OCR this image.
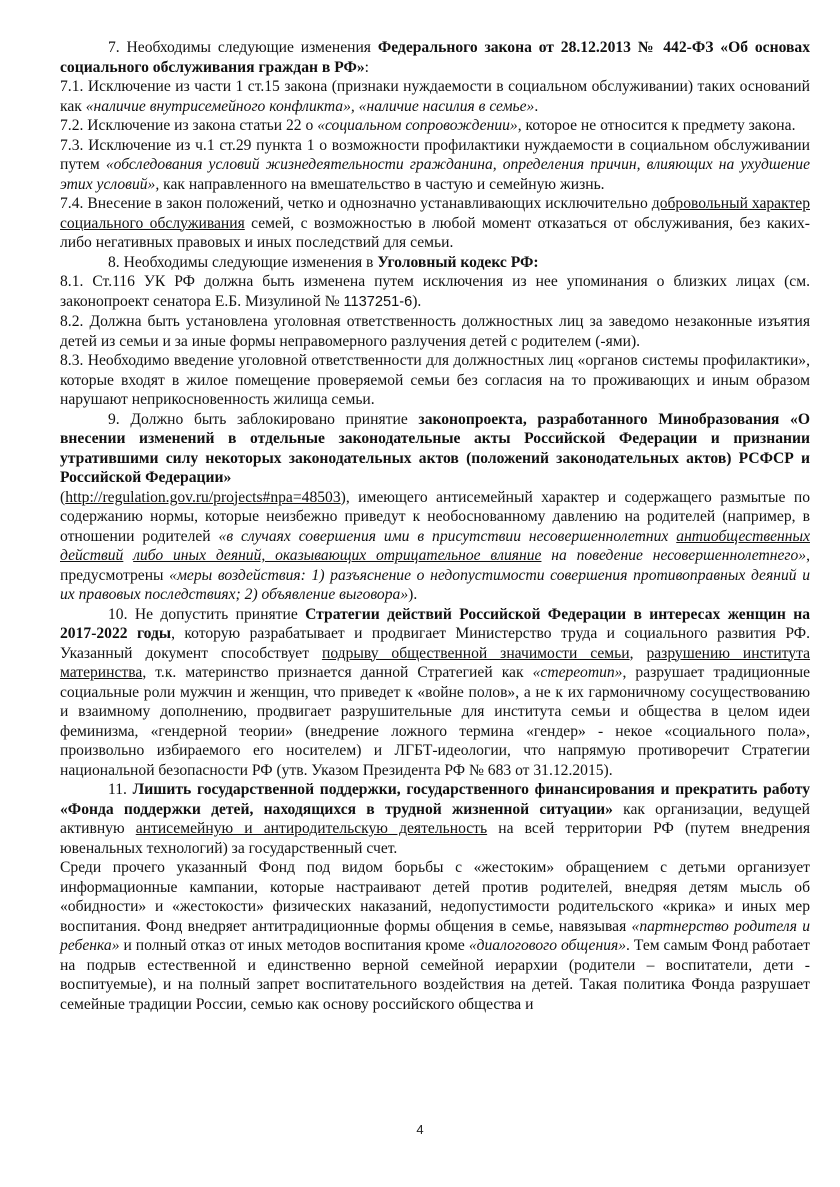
7. Необходимы следующие изменения Федерального закона от 28.12.2013 № 442-ФЗ «Об основах социального обслуживания граждан в РФ»:

7.1. Исключение из части 1 ст.15 закона (признаки нуждаемости в социальном обслуживании) таких оснований как «наличие внутрисемейного конфликта», «наличие насилия в семье».

7.2. Исключение из закона статьи 22 о «социальном сопровождении», которое не относится к предмету закона.

7.3. Исключение из ч.1 ст.29 пункта 1 о возможности профилактики нуждаемости в социальном обслуживании путем «обследования условий жизнедеятельности гражданина, определения причин, влияющих на ухудшение этих условий», как направленного на вмешательство в частую и семейную жизнь.

7.4. Внесение в закон положений, четко и однозначно устанавливающих исключительно добровольный характер социального обслуживания семей, с возможностью в любой момент отказаться от обслуживания, без каких-либо негативных правовых и иных последствий для семьи.

8. Необходимы следующие изменения в Уголовный кодекс РФ:

8.1. Ст.116 УК РФ должна быть изменена путем исключения из нее упоминания о близких лицах (см. законопроект сенатора Е.Б. Мизулиной № 1137251-6).

8.2. Должна быть установлена уголовная ответственность должностных лиц за заведомо незаконные изъятия детей из семьи и за иные формы неправомерного разлучения детей с родителем (-ями).

8.3. Необходимо введение уголовной ответственности для должностных лиц «органов системы профилактики», которые входят в жилое помещение проверяемой семьи без согласия на то проживающих и иным образом нарушают неприкосновенность жилища семьи.

9. Должно быть заблокировано принятие законопроекта, разработанного Минобразования «О внесении изменений в отдельные законодательные акты Российской Федерации и признании утратившими силу некоторых законодательных актов (положений законодательных актов) РСФСР и Российской Федерации»
(http://regulation.gov.ru/projects#npa=48503), имеющего антисемейный характер и содержащего размытые по содержанию нормы, которые неизбежно приведут к необоснованному давлению на родителей (например, в отношении родителей «в случаях совершения ими в присутствии несовершеннолетних антиобщественных действий либо иных деяний, оказывающих отрицательное влияние на поведение несовершеннолетнего», предусмотрены «меры воздействия: 1) разъяснение о недопустимости совершения противоправных деяний и их правовых последствиях; 2) объявление выговора»).

10. Не допустить принятие Стратегии действий Российской Федерации в интересах женщин на 2017-2022 годы, которую разрабатывает и продвигает Министерство труда и социального развития РФ. Указанный документ способствует подрыву общественной значимости семьи, разрушению института материнства, т.к. материнство признается данной Стратегией как «стереотип», разрушает традиционные социальные роли мужчин и женщин, что приведет к «войне полов», а не к их гармоничному сосуществованию и взаимному дополнению, продвигает разрушительные для института семьи и общества в целом идеи феминизма, «гендерной теории» (внедрение ложного термина «гендер» - некое «социального пола», произвольно избираемого его носителем) и ЛГБТ-идеологии, что напрямую противоречит Стратегии национальной безопасности РФ (утв. Указом Президента РФ № 683 от 31.12.2015).

11. Лишить государственной поддержки, государственного финансирования и прекратить работу «Фонда поддержки детей, находящихся в трудной жизненной ситуации» как организации, ведущей активную антисемейную и антиродительскую деятельность на всей территории РФ (путем внедрения ювенальных технологий) за государственный счет.

Среди прочего указанный Фонд под видом борьбы с «жестоким» обращением с детьми организует информационные кампании, которые настраивают детей против родителей, внедряя детям мысль об «обидности» и «жестокости» физических наказаний, недопустимости родительского «крика» и иных мер воспитания. Фонд внедряет антитрадиционные формы общения в семье, навязывая «партнерство родителя и ребенка» и полный отказ от иных методов воспитания кроме «диалогового общения». Тем самым Фонд работает на подрыв естественной и единственно верной семейной иерархии (родители – воспитатели, дети - воспитуемые), и на полный запрет воспитательного воздействия на детей. Такая политика Фонда разрушает семейные традиции России, семью как основу российского общества и

4
